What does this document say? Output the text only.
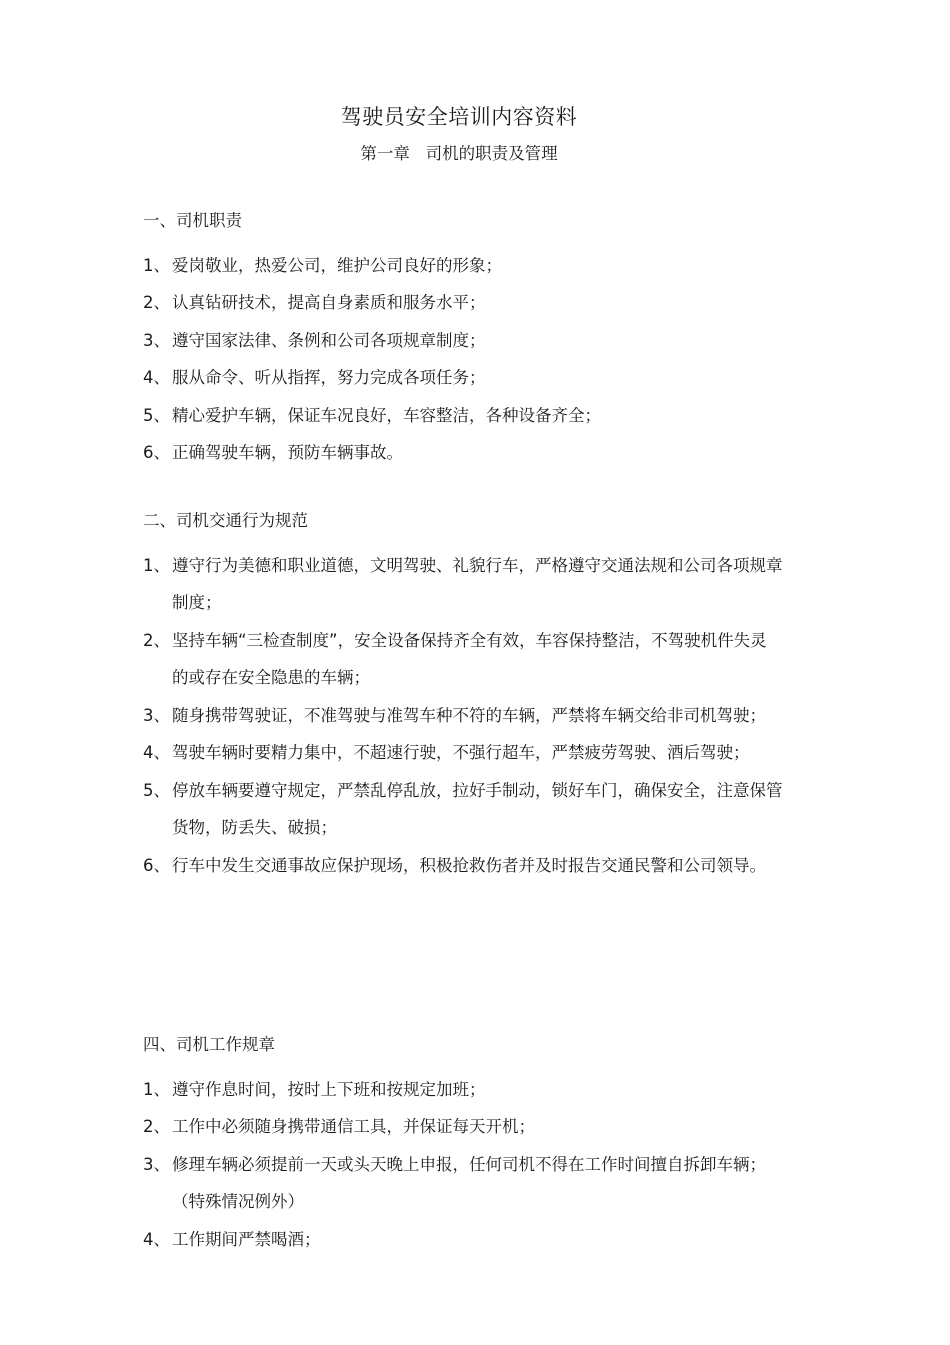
驾驶员安全培训内容资料
第一章   司机的职责及管理
一、司机职责
1、 爱岗敬业，热爱公司，维护公司良好的形象；
2、 认真钻研技术，提高自身素质和服务水平；
3、 遵守国家法律、条例和公司各项规章制度；
4、 服从命令、听从指挥，努力完成各项任务；
5、 精心爱护车辆，保证车况良好，车容整洁，各种设备齐全；
6、 正确驾驶车辆，预防车辆事故。
二、司机交通行为规范
1、 遵守行为美德和职业道德，文明驾驶、礼貌行车，严格遵守交通法规和公司各项规章制度；
2、 坚持车辆“三检查制度”，安全设备保持齐全有效，车容保持整洁，不驾驶机件失灵的或存在安全隐患的车辆；
3、 随身携带驾驶证，不准驾驶与准驾车种不符的车辆，严禁将车辆交给非司机驾驶；
4、 驾驶车辆时要精力集中，不超速行驶，不强行超车，严禁疲劳驾驶、酒后驾驶；
5、 停放车辆要遵守规定，严禁乱停乱放，拉好手制动，锁好车门，确保安全，注意保管货物，防丢失、破损；
6、 行车中发生交通事故应保护现场，积极抢救伤者并及时报告交通民警和公司领导。
四、司机工作规章
1、 遵守作息时间，按时上下班和按规定加班；
2、 工作中必须随身携带通信工具，并保证每天开机；
3、 修理车辆必须提前一天或头天晚上申报，任何司机不得在工作时间擅自拆卸车辆；（特殊情况例外）
4、 工作期间严禁喝酒；
